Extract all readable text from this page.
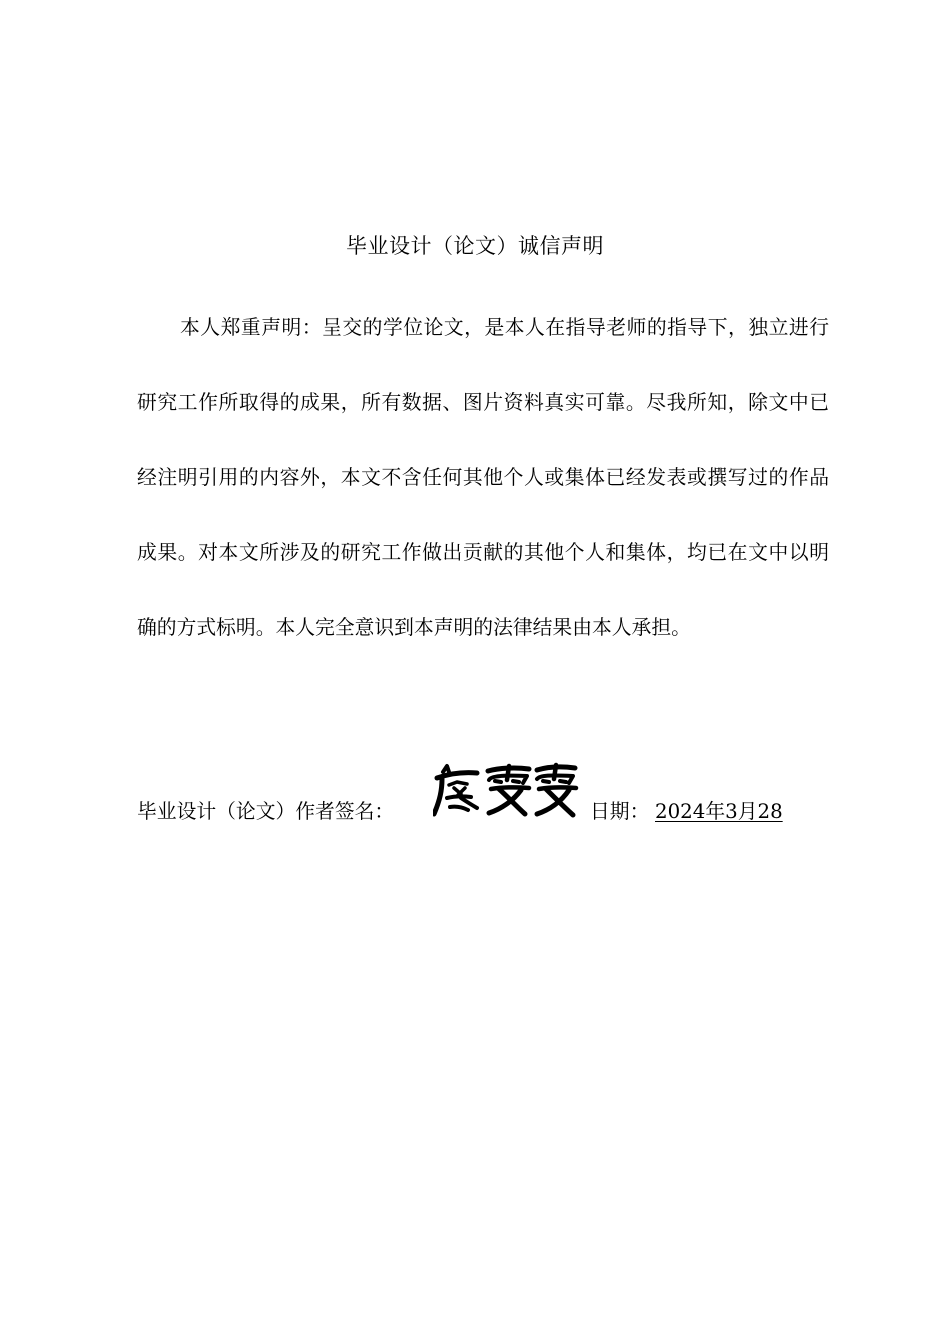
毕业设计（论文）诚信声明

本人郑重声明：呈交的学位论文，是本人在指导老师的指导下，独立进行研究工作所取得的成果，所有数据、图片资料真实可靠。尽我所知，除文中已经注明引用的内容外，本文不含任何其他个人或集体已经发表或撰写过的作品成果。对本文所涉及的研究工作做出贡献的其他个人和集体，均已在文中以明确的方式标明。本人完全意识到本声明的法律结果由本人承担。

毕业设计（论文）作者签名：	日期： 2024年3月28
